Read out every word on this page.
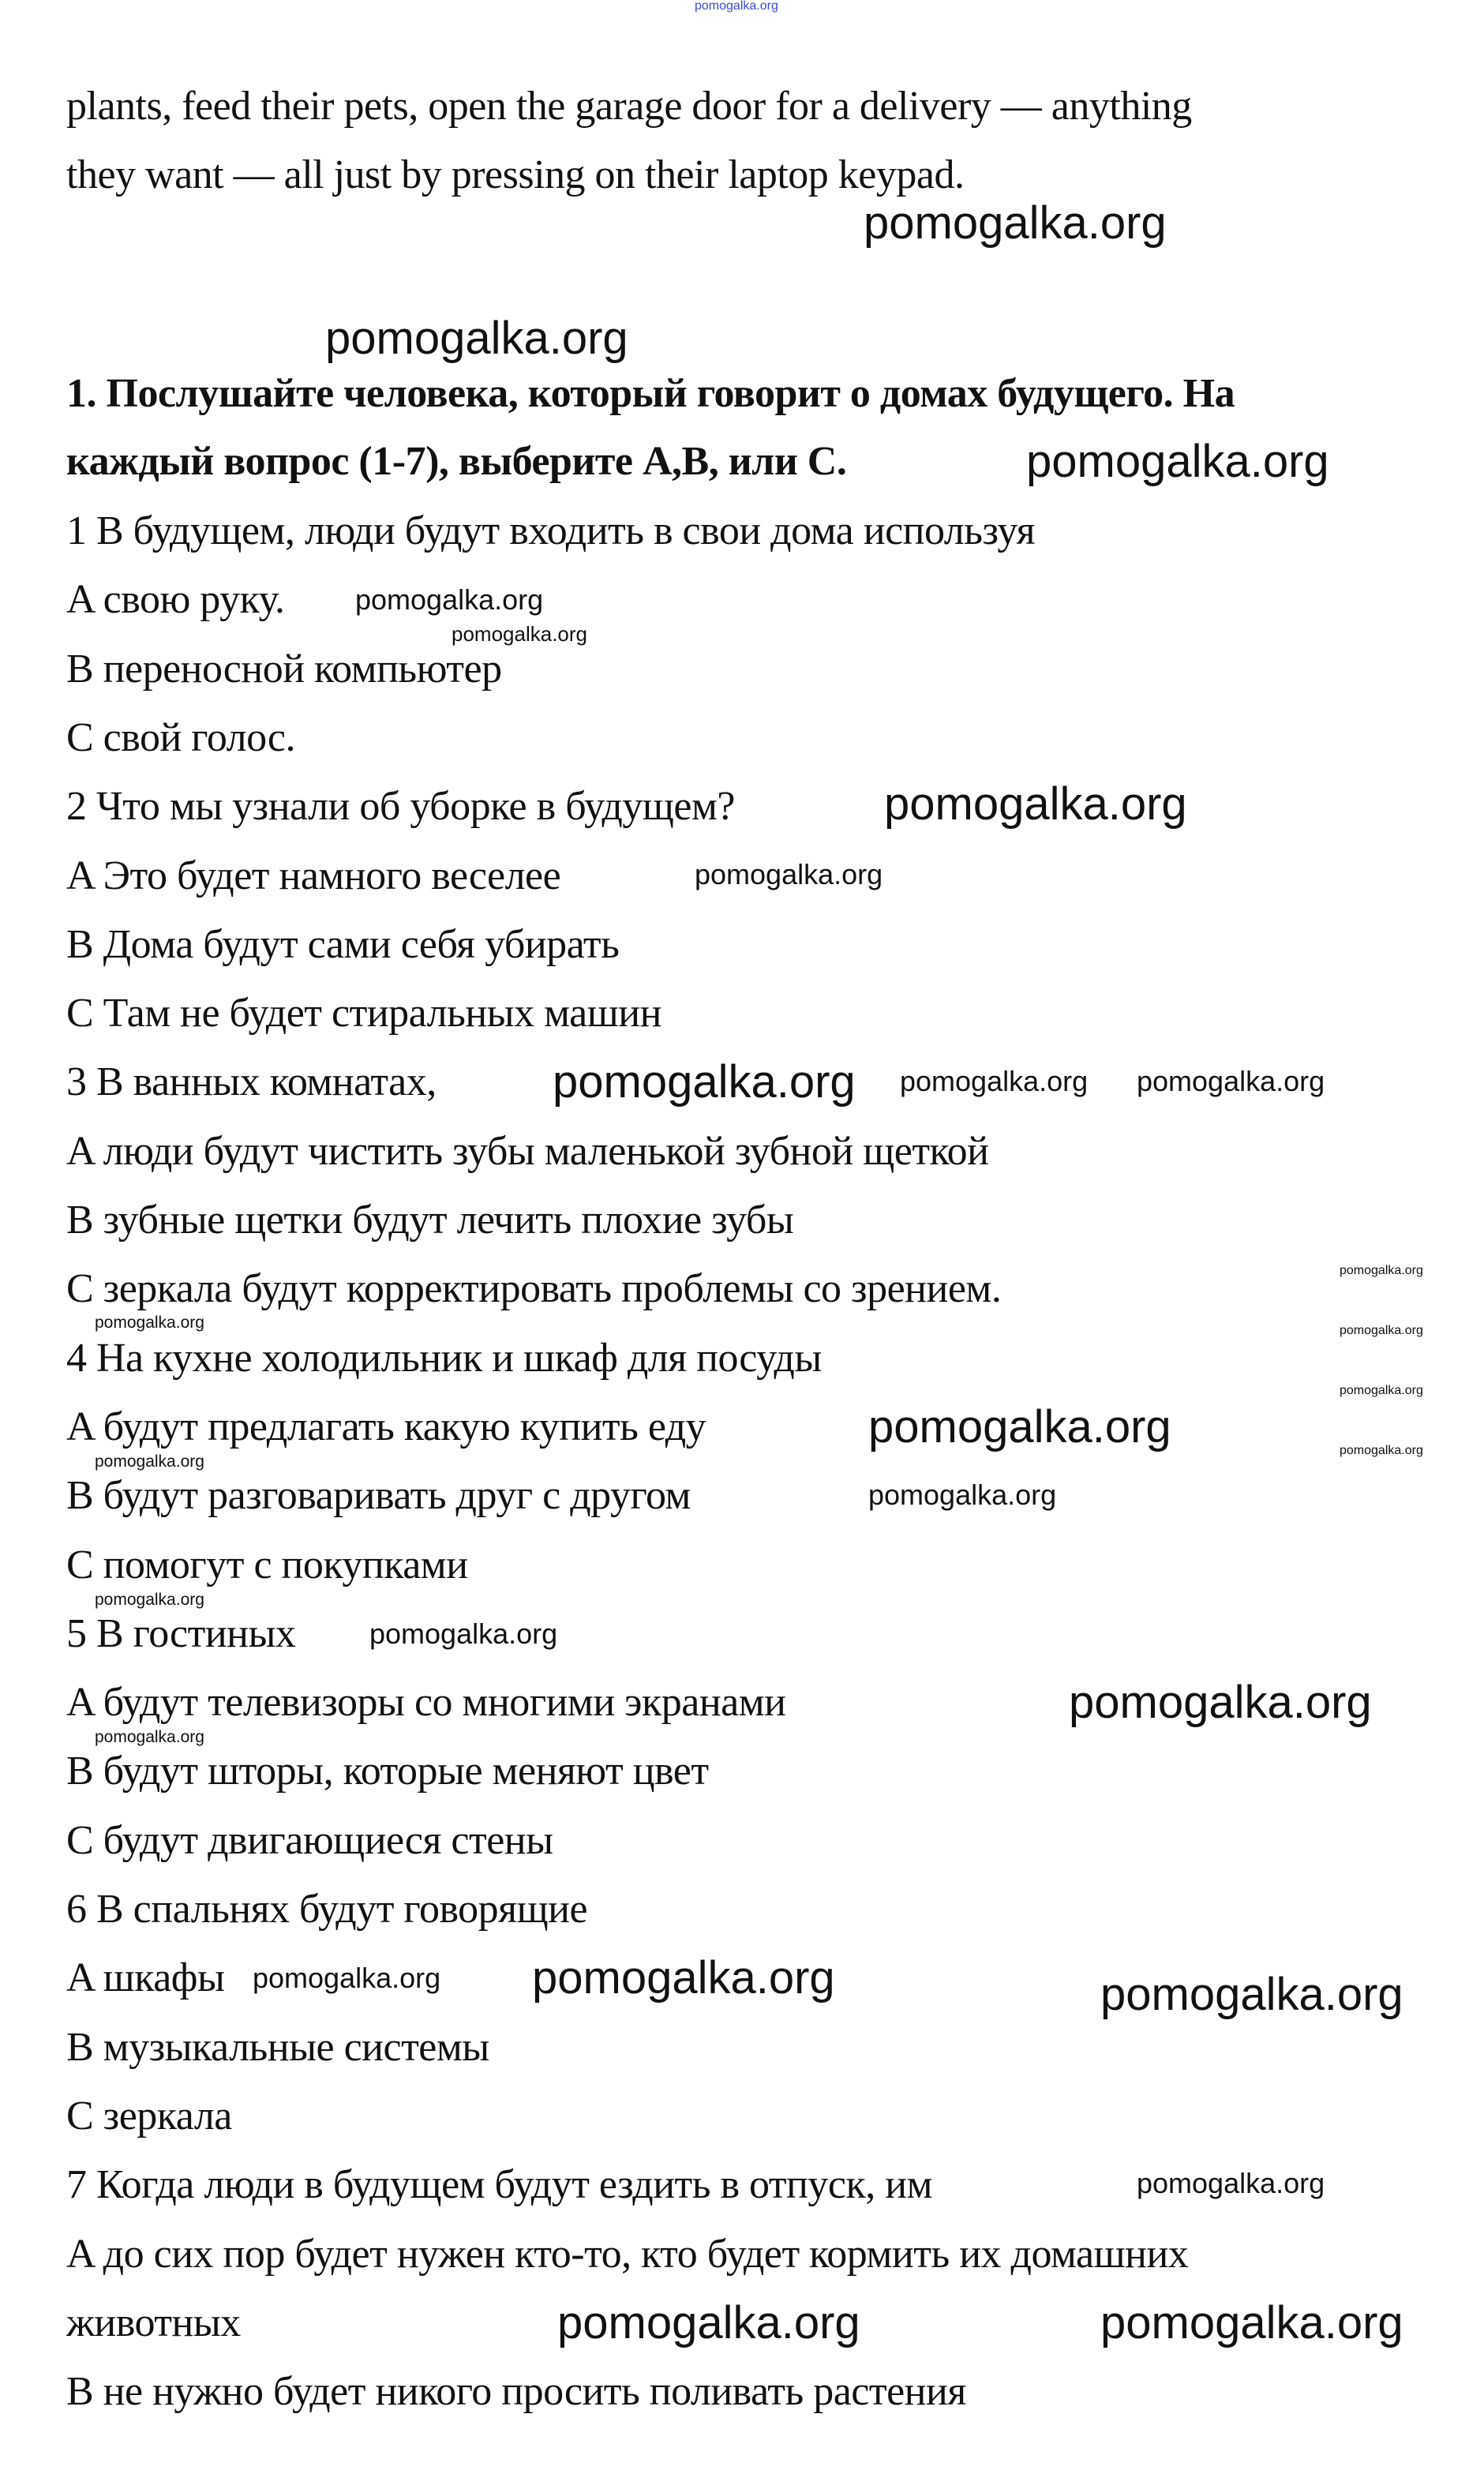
pomogalka.org
plants, feed their pets, open the garage door for a delivery — anything
they want — all just by pressing on their laptop keypad.
1. Послушайте человека, который говорит о домах будущего. На
каждый вопрос (1-7), выберите A,B, или C.
1 В будущем, люди будут входить в свои дома используя
A свою руку.
B переносной компьютер
C свой голос.
2 Что мы узнали об уборке в будущем?
A Это будет намного веселее
B Дома будут сами себя убирать
C Там не будет стиральных машин
3 В ванных комнатах,
A люди будут чистить зубы маленькой зубной щеткой
B зубные щетки будут лечить плохие зубы
C зеркала будут корректировать проблемы со зрением.
4 На кухне холодильник и шкаф для посуды
A будут предлагать какую купить еду
B будут разговаривать друг с другом
C помогут с покупками
5 В гостиных
A будут телевизоры со многими экранами
B будут шторы, которые меняют цвет
C будут двигающиеся стены
6 В спальнях будут говорящие
A шкафы
B музыкальные системы
C зеркала
7 Когда люди в будущем будут ездить в отпуск, им
A до сих пор будет нужен кто-то, кто будет кормить их домашних
животных
B не нужно будет никого просить поливать растения
pomogalka.org
pomogalka.org
pomogalka.org
pomogalka.org
pomogalka.org
pomogalka.org
pomogalka.org
pomogalka.org	pomogalka.org
pomogalka.org
pomogalka.org
pomogalka.org
pomogalka.org
pomogalka.org
pomogalka.org
pomogalka.org
pomogalka.org
pomogalka.org
pomogalka.org
pomogalka.org
pomogalka.org
pomogalka.org
pomogalka.org pomogalka.org	pomogalka.org
pomogalka.org
pomogalka.org	pomogalka.org
